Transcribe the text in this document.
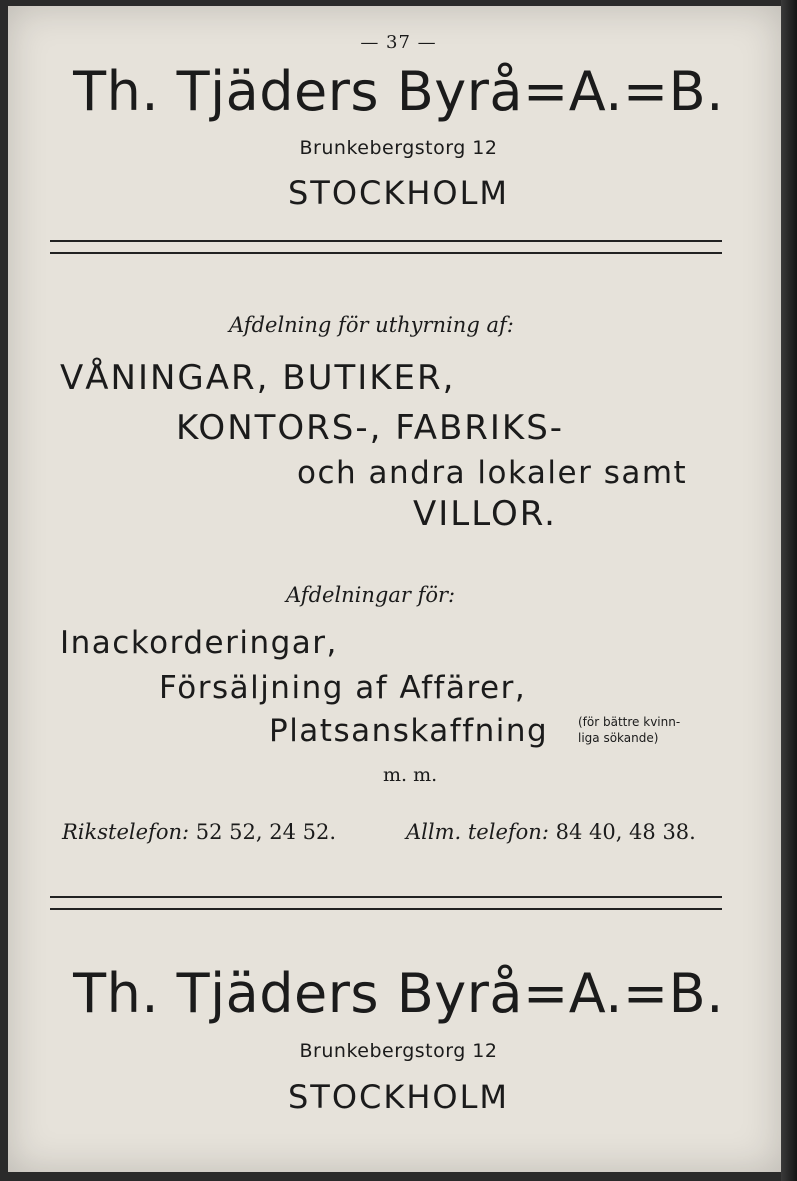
— 37 —
Th. Tjäders Byrå=A.=B.
Brunkebergstorg 12
STOCKHOLM
Afdelning för uthyrning af:
VÅNINGAR, BUTIKER,
KONTORS-, FABRIKS-
och andra lokaler samt
VILLOR.
Afdelningar för:
Inackorderingar,
Försäljning af Affärer,
Platsanskaffning (för bättre kvinn-
liga sökande)
m. m.
Rikstelefon: 52 52, 24 52.	Allm. telefon: 84 40, 48 38.
Th. Tjäders Byrå=A.=B.
Brunkebergstorg 12
STOCKHOLM
